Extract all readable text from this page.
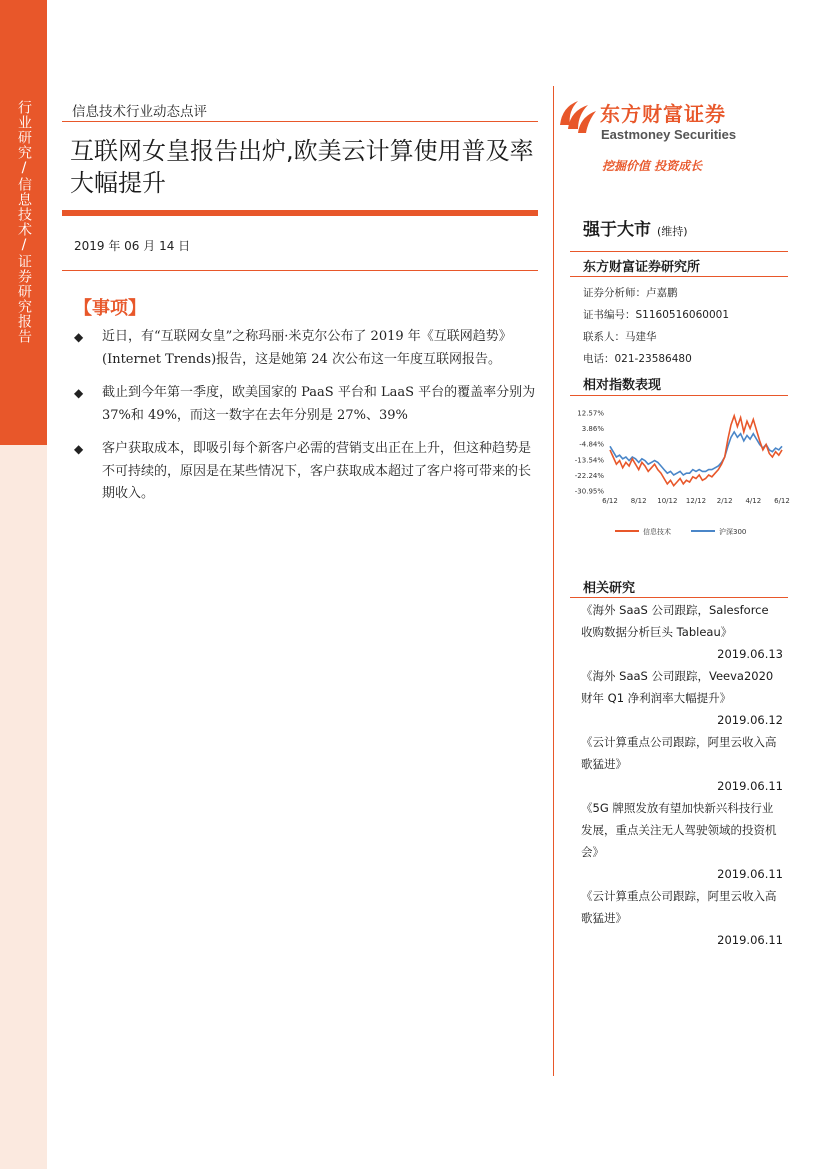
行业研究/信息技术/证券研究报告	信息技术行业动态点评
互联网女皇报告出炉,欧美云计算使用普及率大幅提升
2019 年 06 月 14 日
【事项】
◆ 近日，有“互联网女皇”之称玛丽·米克尔公布了 2019 年《互联网趋势》(Internet Trends)报告，这是她第 24 次公布这一年度互联网报告。
◆ 截止到今年第一季度，欧美国家的 PaaS 平台和 LaaS 平台的覆盖率分别为 37%和 49%，而这一数字在去年分别是 27%、39%
◆ 客户获取成本，即吸引每个新客户必需的营销支出正在上升，但这种趋势是不可持续的，原因是在某些情况下，客户获取成本超过了客户将可带来的长期收入。
东方财富证券
Eastmoney Securities
挖掘价值 投资成长
强于大市 (维持)
东方财富证券研究所
证券分析师：卢嘉鹏
证书编号：S1160516060001
联系人：马建华
电话：021-23586480
相对指数表现
12.57%
3.86%
-4.84%
-13.54%
-22.24%
-30.95%
6/12 8/12 10/12 12/12 2/12 4/12 6/12
信息技术	沪深300
相关研究
《海外 SaaS 公司跟踪，Salesforce 收购数据分析巨头 Tableau》
2019.06.13
《海外 SaaS 公司跟踪，Veeva2020 财年 Q1 净利润率大幅提升》
2019.06.12
《云计算重点公司跟踪，阿里云收入高歌猛进》
2019.06.11
《5G 牌照发放有望加快新兴科技行业发展，重点关注无人驾驶领域的投资机会》
2019.06.11
《云计算重点公司跟踪，阿里云收入高歌猛进》
2019.06.11
